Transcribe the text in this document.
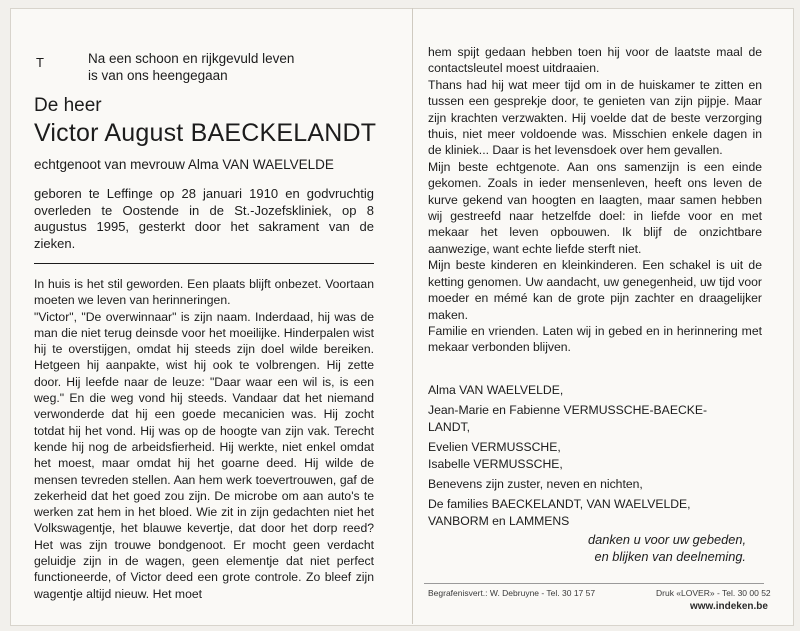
T	Na een schoon en rijkgevuld leven
is van ons heengegaan
De heer
Victor August BAECKELANDT
echtgenoot van mevrouw Alma VAN WAELVELDE
geboren te Leffinge op 28 januari 1910 en godvruchtig overleden te Oostende in de St.-Jozefskliniek, op 8 augustus 1995, gesterkt door het sakrament van de zieken.

In huis is het stil geworden. Een plaats blijft onbezet. Voortaan moeten we leven van herinneringen.

"Victor", "De overwinnaar" is zijn naam. Inderdaad, hij was de man die niet terug deinsde voor het moeilijke. Hinderpalen wist hij te overstijgen, omdat hij steeds zijn doel wilde bereiken. Hetgeen hij aanpakte, wist hij ook te volbrengen. Hij zette door. Hij leefde naar de leuze: "Daar waar een wil is, is een weg." En die weg vond hij steeds. Vandaar dat het niemand verwonderde dat hij een goede mecanicien was. Hij zocht totdat hij het vond. Hij was op de hoogte van zijn vak. Terecht kende hij nog de arbeidsfierheid. Hij werkte, niet enkel omdat het moest, maar omdat hij het goarne deed. Hij wilde de mensen tevreden stellen. Aan hem werk toevertrouwen, gaf de zekerheid dat het goed zou zijn. De microbe om aan auto's te werken zat hem in het bloed. Wie zit in zijn gedachten niet het Volkswagentje, het blauwe kevertje, dat door het dorp reed? Het was zijn trouwe bondgenoot. Er mocht geen verdacht geluidje zijn in de wagen, geen elementje dat niet perfect functioneerde, of Victor deed een grote controle. Zo bleef zijn wagentje altijd nieuw. Het moet

hem spijt gedaan hebben toen hij voor de laatste maal de contactsleutel moest uitdraaien.

Thans had hij wat meer tijd om in de huiskamer te zitten en tussen een gesprekje door, te genieten van zijn pijpje. Maar zijn krachten verzwakten. Hij voelde dat de beste verzorging thuis, niet meer voldoende was. Misschien enkele dagen in de kliniek... Daar is het levensdoek over hem gevallen.

Mijn beste echtgenote. Aan ons samenzijn is een einde gekomen. Zoals in ieder mensenleven, heeft ons leven de kurve gekend van hoogten en laagten, maar samen hebben wij gestreefd naar hetzelfde doel: in liefde voor en met mekaar het leven opbouwen. Ik blijf de onzichtbare aanwezige, want echte liefde sterft niet.

Mijn beste kinderen en kleinkinderen. Een schakel is uit de ketting genomen. Uw aandacht, uw genegenheid, uw tijd voor moeder en mémé kan de grote pijn zachter en draagelijker maken.

Familie en vrienden. Laten wij in gebed en in herinnering met mekaar verbonden blijven.

Alma VAN WAELVELDE,
Jean-Marie en Fabienne VERMUSSCHE-BAECKE-
LANDT,
Evelien VERMUSSCHE,
Isabelle VERMUSSCHE,
Benevens zijn zuster, neven en nichten,
De families BAECKELANDT, VAN WAELVELDE,
VANBORM en LAMMENS
danken u voor uw gebeden,
en blijken van deelneming.
Begrafenisvert.: W. Debruyne - Tel. 30 17 57	Druk «LOVER» - Tel. 30 00 52
www.indeken.be
